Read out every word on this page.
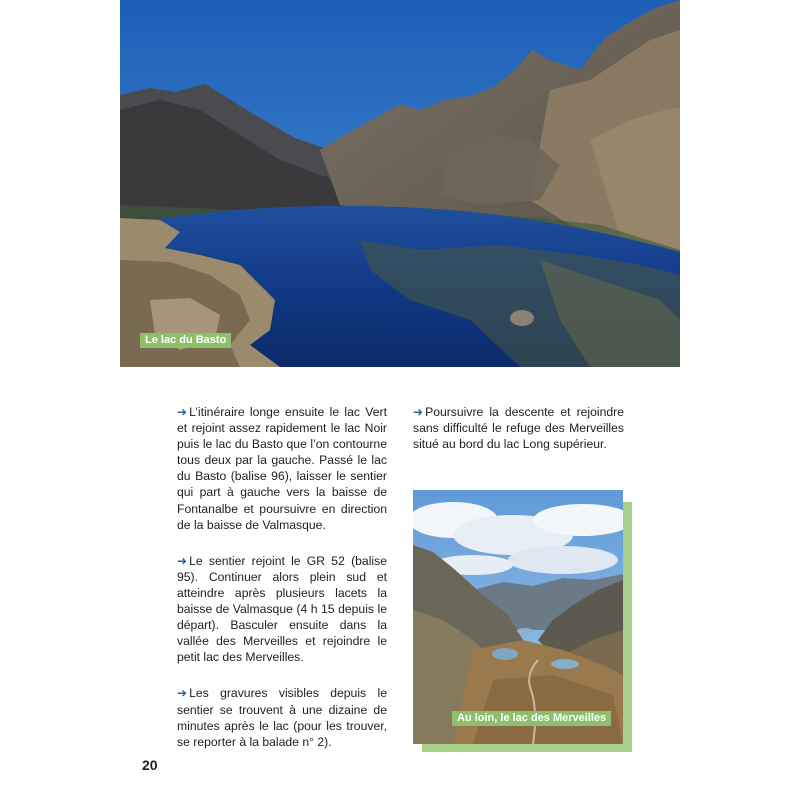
Le lac du Basto

➜ L’itinéraire longe ensuite le lac Vert et rejoint assez rapidement le lac Noir puis le lac du Basto que l’on contourne tous deux par la gauche. Passé le lac du Basto (balise 96), laisser le sentier qui part à gauche vers la baisse de Fontanalbe et poursuivre en direction de la baisse de Valmasque.

➜ Le sentier rejoint le GR 52 (balise 95). Continuer alors plein sud et atteindre après plusieurs lacets la baisse de Valmasque (4 h 15 depuis le départ). Basculer ensuite dans la vallée des Merveilles et rejoindre le petit lac des Merveilles.

➜ Les gravures visibles depuis le sentier se trouvent à une dizaine de minutes après le lac (pour les trouver, se reporter à la balade n° 2).

➜ Poursuivre la descente et rejoindre sans difficulté le refuge des Merveilles situé au bord du lac Long supérieur.

Au loin, le lac des Merveilles
20
